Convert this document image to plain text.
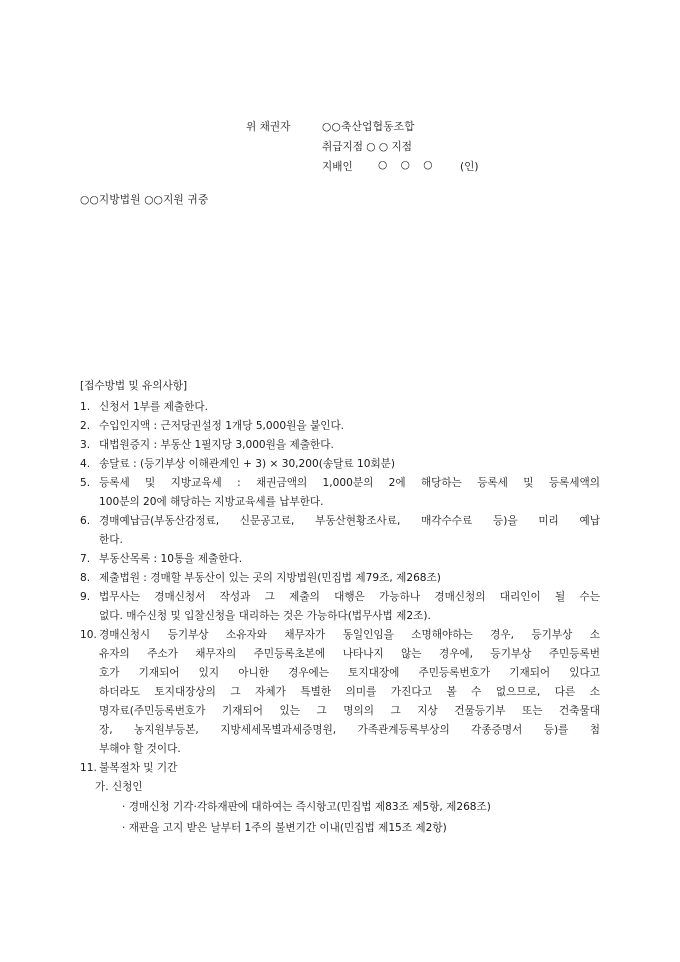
위 채권자	○○축산업협동조합
취급지점 ○ ○ 지점
지배인 ○ ○ ○	(인)
○○지방법원 ○○지원 귀중
[접수방법 및 유의사항]
1. 신청서 1부를 제출한다.
2. 수입인지액 : 근저당권설정 1개당 5,000원을 붙인다.
3. 대법원증지 : 부동산 1필지당 3,000원을 제출한다.
4. 송달료 : (등기부상 이해관계인 + 3) × 30,200(송달료 10회분)
5. 등록세 및 지방교육세 : 채권금액의 1,000분의 2에 해당하는 등록세 및 등록세액의
100분의 20에 해당하는 지방교육세를 납부한다.
6. 경매예납금(부동산감정료, 신문공고료, 부동산현황조사료, 매각수수료 등)을 미리 예납
한다.
7. 부동산목록 : 10통을 제출한다.
8. 제출법원 : 경매할 부동산이 있는 곳의 지방법원(민집법 제79조, 제268조)
9. 법무사는 경매신청서 작성과 그 제출의 대행은 가능하나 경매신청의 대리인이 될 수는
없다. 매수신청 및 입찰신청을 대리하는 것은 가능하다(법무사법 제2조).
10. 경매신청시 등기부상 소유자와 채무자가 동일인임을 소명해야하는 경우, 등기부상 소
유자의 주소가 채무자의 주민등록초본에 나타나지 않는 경우에, 등기부상 주민등록번
호가 기재되어 있지 아니한 경우에는 토지대장에 주민등록번호가 기재되어 있다고
하더라도 토지대장상의 그 자체가 특별한 의미를 가진다고 볼 수 없으므로, 다른 소
명자료(주민등록번호가 기재되어 있는 그 명의의 그 지상 건물등기부 또는 건축물대
장, 농지원부등본, 지방세세목별과세증명원, 가족관계등록부상의 각종증명서 등)를 첨
부해야 할 것이다.
11. 불복절차 및 기간
가. 신청인
· 경매신청 기각·각하재판에 대하여는 즉시항고(민집법 제83조 제5항, 제268조)
· 재판을 고지 받은 날부터 1주의 불변기간 이내(민집법 제15조 제2항)
